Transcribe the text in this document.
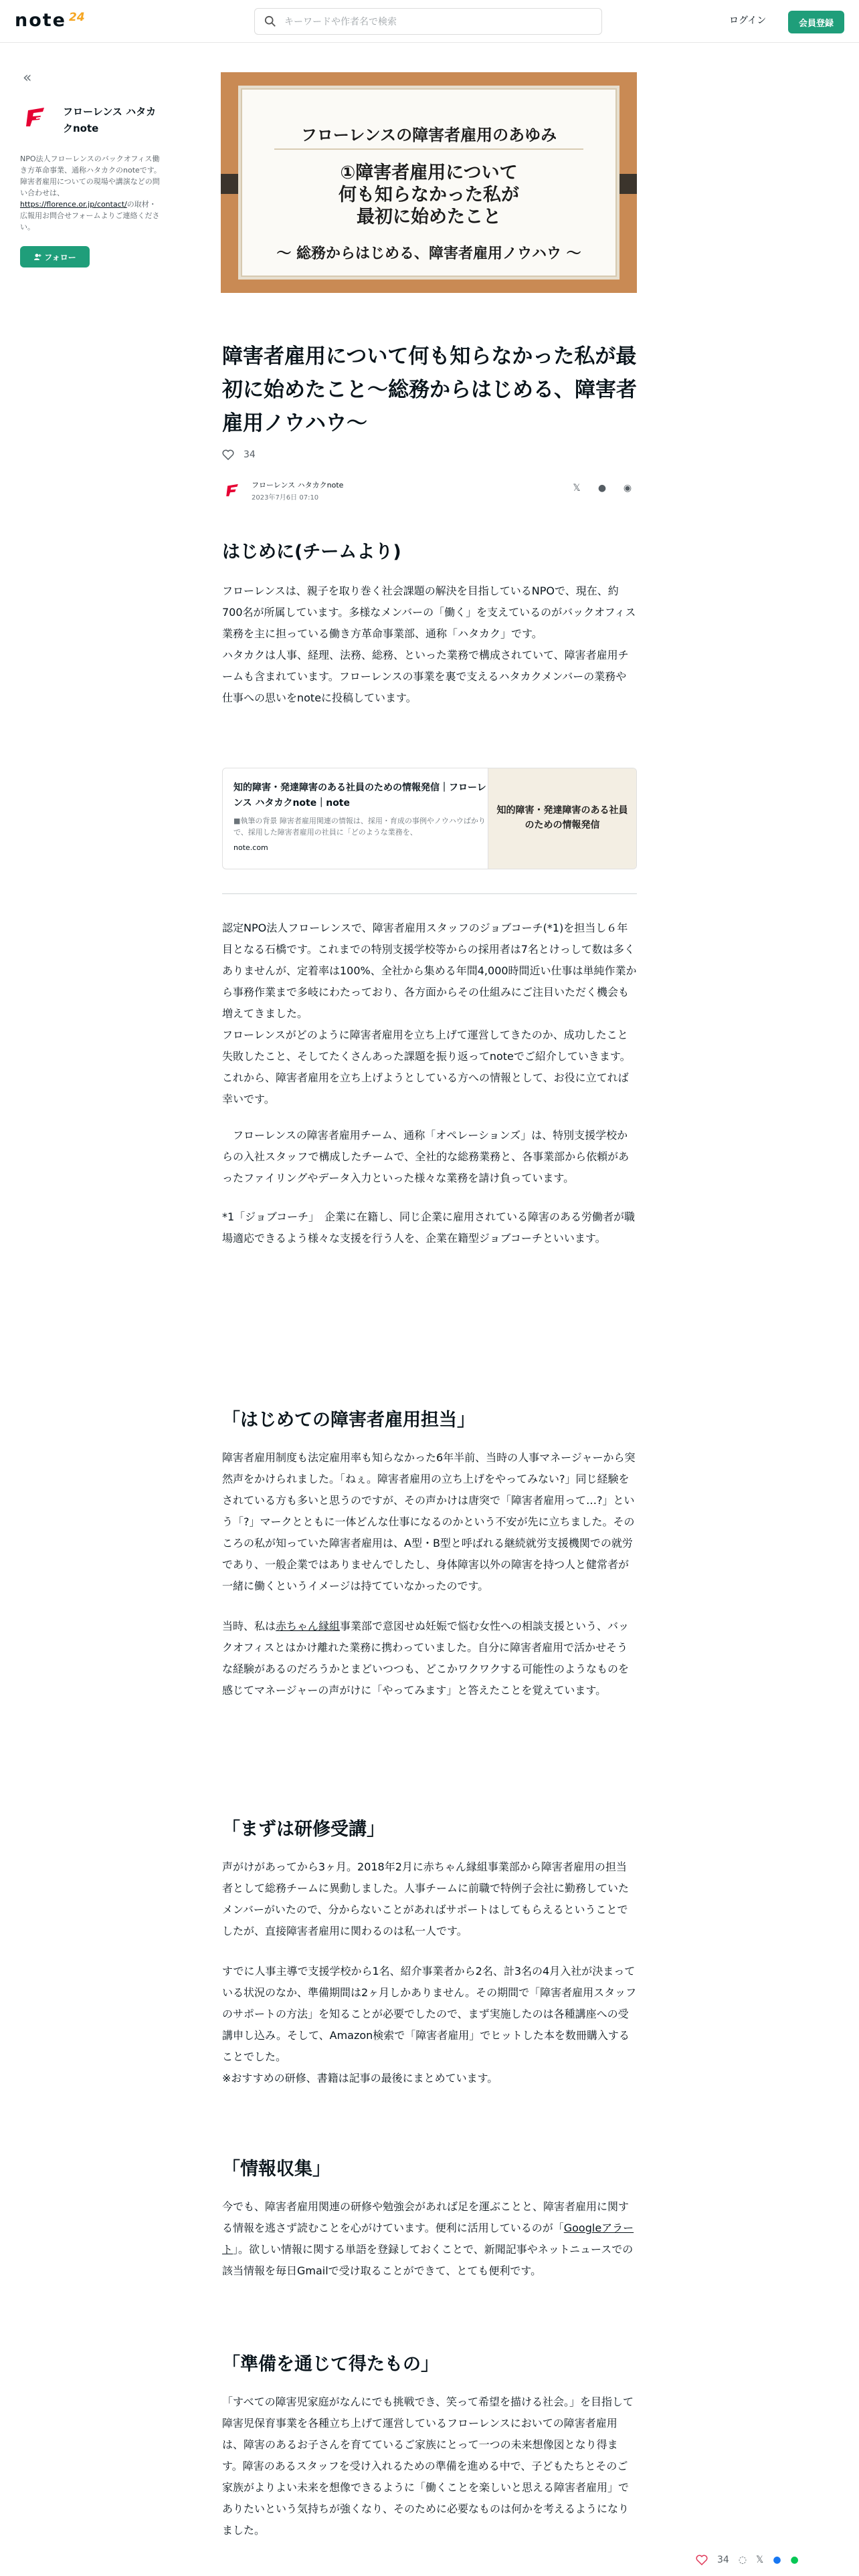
note 24
キーワードや作者名で検索	ログイン	会員登録
«
フローレンス ハタカクnote
NPO法人フローレンスのバックオフィス働き方革命事業、通称ハタカクのnoteです。 障害者雇用についての現場や講演などの問い合わせは、https://florence.or.jp/contact/の取材・広報用お問合せフォームよりご連絡ください。
フォロー
フローレンスの障害者雇用のあゆみ
①障害者雇用について
何も知らなかった私が
最初に始めたこと
〜 総務からはじめる、障害者雇用ノウハウ 〜
障害者雇用について何も知らなかった私が最初に始めたこと〜総務からはじめる、障害者雇用ノウハウ〜
34
フローレンス ハタカクnote
2023年7月6日 07:10
𝕏	● ◉
はじめに(チームより)

フローレンスは、親子を取り巻く社会課題の解決を目指しているNPOで、現在、約700名が所属しています。多様なメンバーの「働く」を支えているのがバックオフィス業務を主に担っている働き方革命事業部、通称「ハタカク」です。

ハタカクは人事、経理、法務、総務、といった業務で構成されていて、障害者雇用チームも含まれています。フローレンスの事業を裏で支えるハタカクメンバーの業務や仕事への思いをnoteに投稿しています。

知的障害・発達障害のある社員のための情報発信｜フローレンス ハタカクnote｜note
■執筆の背景 障害者雇用関連の情報は、採用・育成の事例やノウハウばかりで、採用した障害者雇用の社員に「どのような業務を、
note.com
知的障害・発達障害のある社員のための情報発信

認定NPO法人フローレンスで、障害者雇用スタッフのジョブコーチ(*1)を担当し６年目となる石橋です。これまでの特別支援学校等からの採用者は7名とけっして数は多くありませんが、定着率は100%、全社から集める年間4,000時間近い仕事は単純作業から事務作業まで多岐にわたっており、各方面からその仕組みにご注目いただく機会も増えてきました。

フローレンスがどのように障害者雇用を立ち上げて運営してきたのか、成功したこと失敗したこと、そしてたくさんあった課題を振り返ってnoteでご紹介していきます。

これから、障害者雇用を立ち上げようとしている方への情報として、お役に立てれば幸いです。

　フローレンスの障害者雇用チーム、通称「オペレーションズ」は、特別支援学校からの入社スタッフで構成したチームで、全社的な総務業務と、各事業部から依頼があったファイリングやデータ入力といった様々な業務を請け負っています。

*1「ジョブコーチ」　企業に在籍し、同じ企業に雇用されている障害のある労働者が職場適応できるよう様々な支援を行う人を、企業在籍型ジョブコーチといいます。

「はじめての障害者雇用担当」

障害者雇用制度も法定雇用率も知らなかった6年半前、当時の人事マネージャーから突然声をかけられました。「ねぇ。障害者雇用の立ち上げをやってみない?」同じ経験をされている方も多いと思うのですが、その声かけは唐突で「障害者雇用って…?」という「?」マークとともに一体どんな仕事になるのかという不安が先に立ちました。そのころの私が知っていた障害者雇用は、A型・B型と呼ばれる継続就労支援機関での就労であり、一般企業ではありませんでしたし、身体障害以外の障害を持つ人と健常者が一緒に働くというイメージは持てていなかったのです。

当時、私は赤ちゃん縁組事業部で意図せぬ妊娠で悩む女性への相談支援という、バックオフィスとはかけ離れた業務に携わっていました。自分に障害者雇用で活かせそうな経験があるのだろうかとまどいつつも、どこかワクワクする可能性のようなものを感じてマネージャーの声がけに「やってみます」と答えたことを覚えています。

「まずは研修受講」

声がけがあってから3ヶ月。2018年2月に赤ちゃん縁組事業部から障害者雇用の担当者として総務チームに異動しました。人事チームに前職で特例子会社に勤務していたメンバーがいたので、分からないことがあればサポートはしてもらえるということでしたが、直接障害者雇用に関わるのは私一人です。

すでに人事主導で支援学校から1名、紹介事業者から2名、計3名の4月入社が決まっている状況のなか、準備期間は2ヶ月しかありません。その期間で「障害者雇用スタッフのサポートの方法」を知ることが必要でしたので、まず実施したのは各種講座への受講申し込み。そして、Amazon検索で「障害者雇用」でヒットした本を数冊購入することでした。

※おすすめの研修、書籍は記事の最後にまとめています。

「情報収集」

今でも、障害者雇用関連の研修や勉強会があれば足を運ぶことと、障害者雇用に関する情報を逃さず読むことを心がけています。便利に活用しているのが「Googleアラート」。欲しい情報に関する単語を登録しておくことで、新聞記事やネットニュースでの該当情報を毎日Gmailで受け取ることができて、とても便利です。

「準備を通じて得たもの」

「すべての障害児家庭がなんにでも挑戦でき、笑って希望を描ける社会。」を目指して障害児保育事業を各種立ち上げて運営しているフローレンスにおいての障害者雇用は、障害のあるお子さんを育てているご家族にとって一つの未来想像図となり得ます。障害のあるスタッフを受け入れるための準備を進める中で、子どもたちとそのご家族がよりよい未来を想像できるように「働くことを楽しいと思える障害者雇用」でありたいという気持ちが強くなり、そのために必要なものは何かを考えるようになりました。

34 ◌ 𝕏 ● ●
